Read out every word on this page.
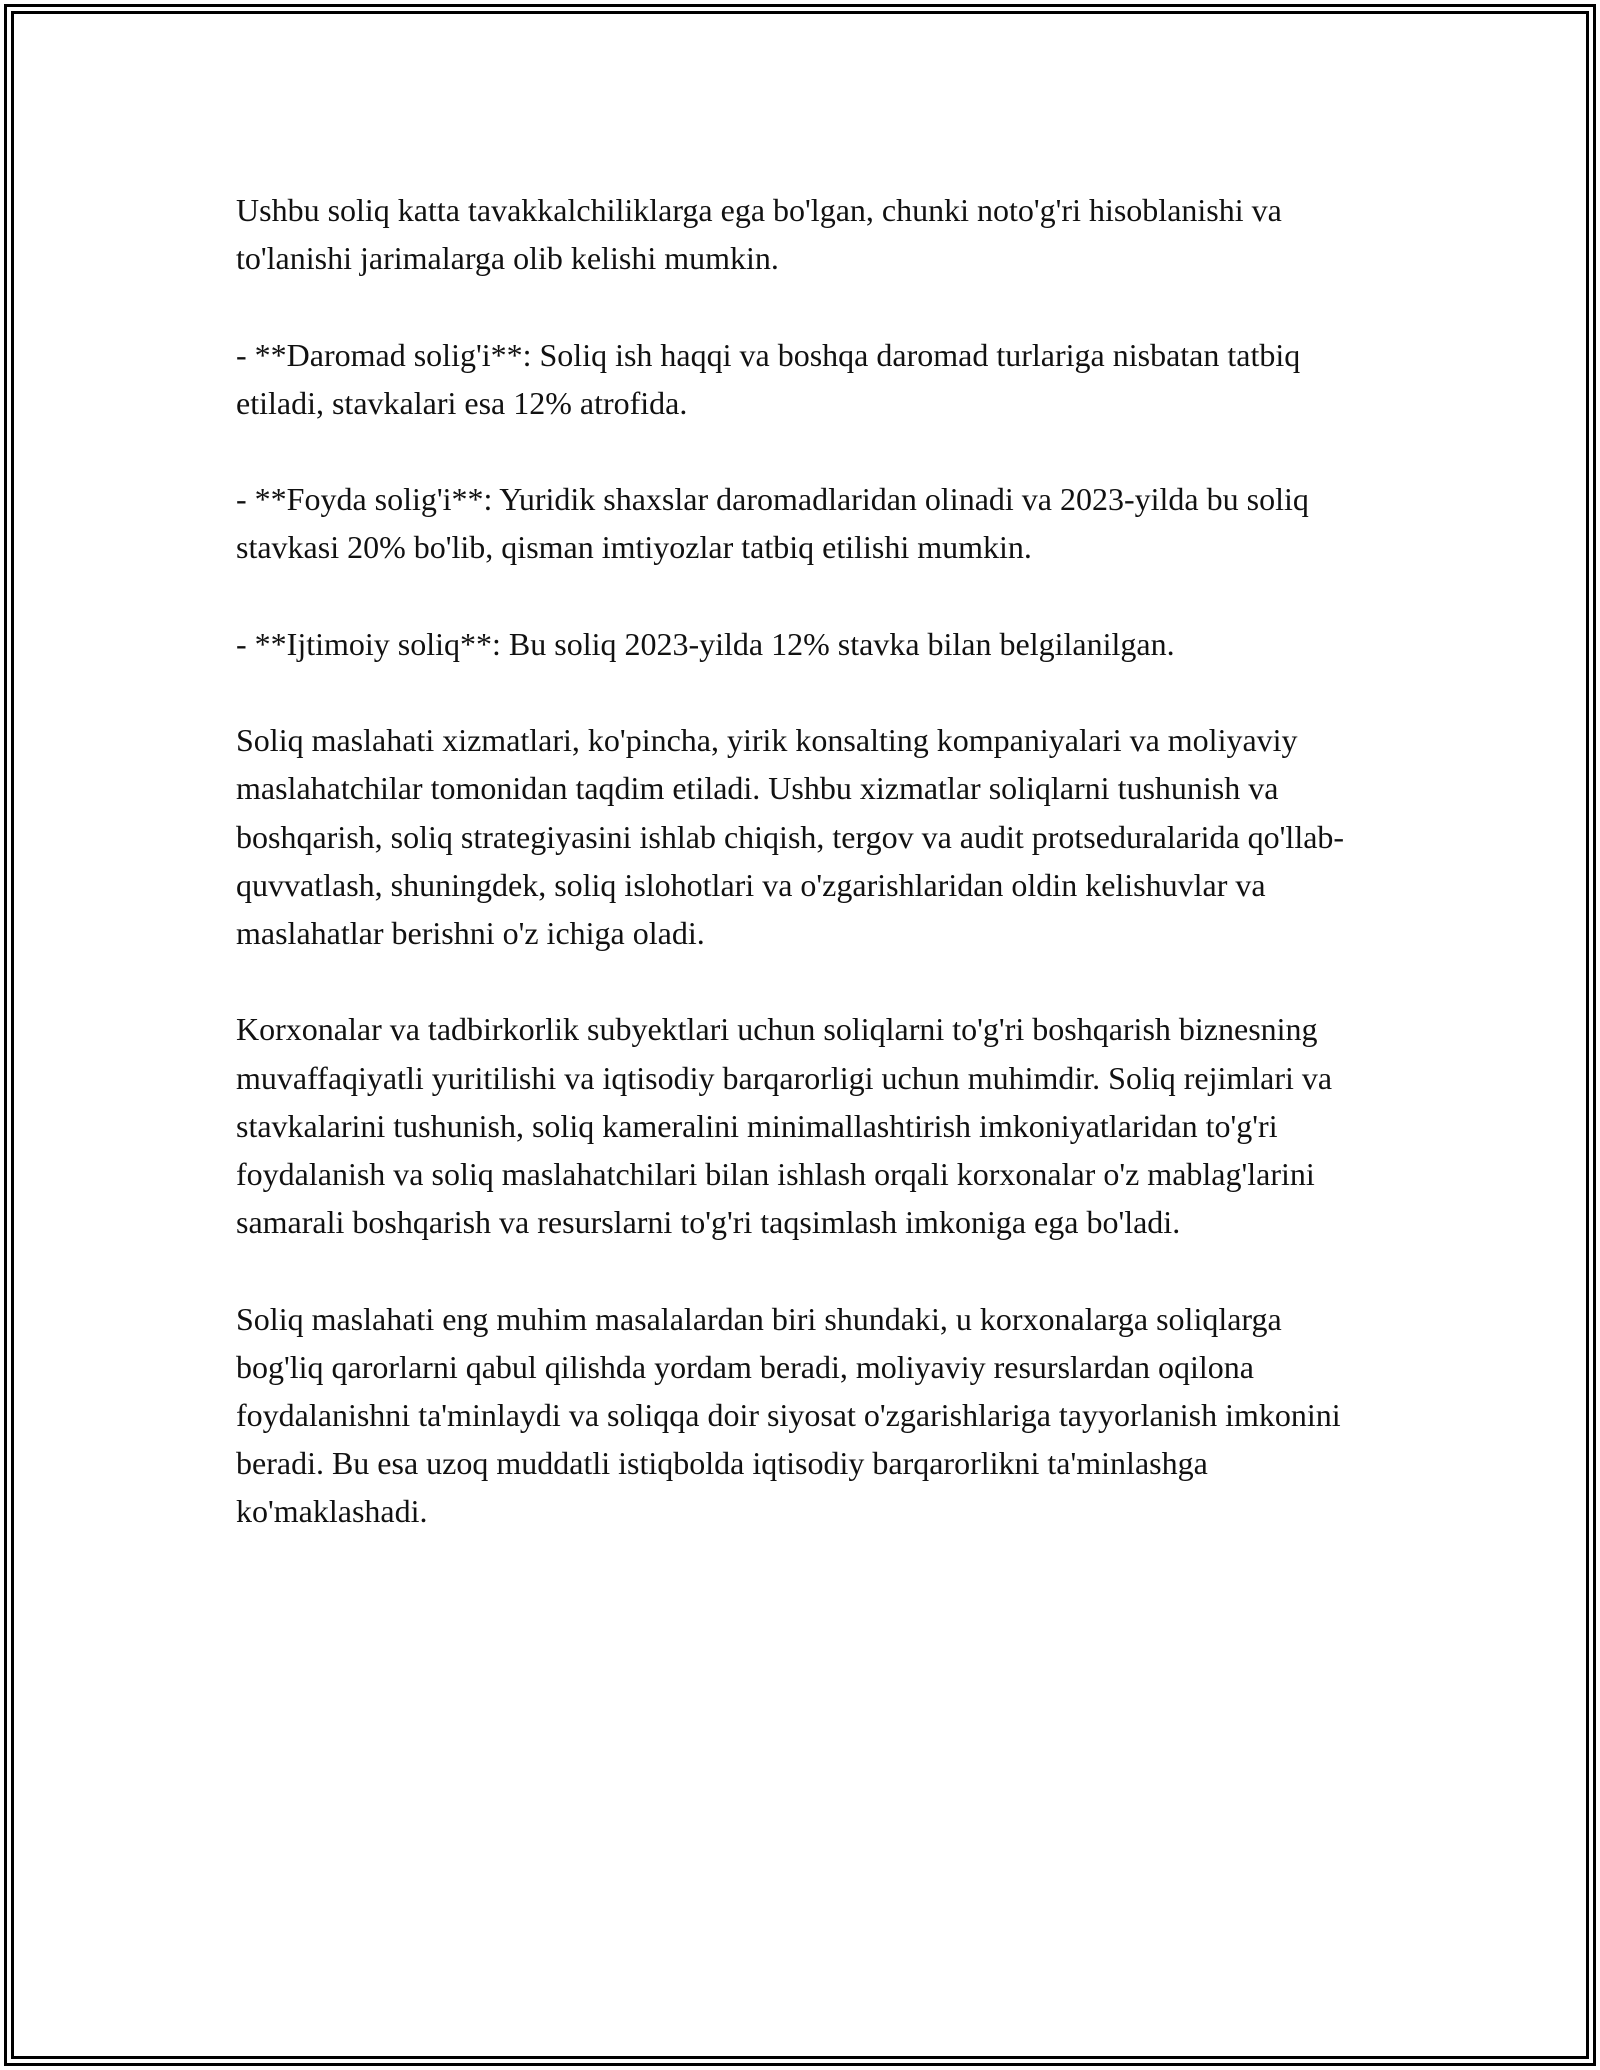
Ushbu soliq katta tavakkalchiliklarga ega bo'lgan, chunki noto'g'ri hisoblanishi va to'lanishi jarimalarga olib kelishi mumkin.

- **Daromad solig'i**: Soliq ish haqqi va boshqa daromad turlariga nisbatan tatbiq etiladi, stavkalari esa 12% atrofida.

- **Foyda solig'i**: Yuridik shaxslar daromadlaridan olinadi va 2023-yilda bu soliq stavkasi 20% bo'lib, qisman imtiyozlar tatbiq etilishi mumkin.

- **Ijtimoiy soliq**: Bu soliq 2023-yilda 12% stavka bilan belgilanilgan.

Soliq maslahati xizmatlari, ko'pincha, yirik konsalting kompaniyalari va moliyaviy maslahatchilar tomonidan taqdim etiladi. Ushbu xizmatlar soliqlarni tushunish va boshqarish, soliq strategiyasini ishlab chiqish, tergov va audit protseduralarida qo'llab-quvvatlash, shuningdek, soliq islohotlari va o'zgarishlaridan oldin kelishuvlar va maslahatlar berishni o'z ichiga oladi.

Korxonalar va tadbirkorlik subyektlari uchun soliqlarni to'g'ri boshqarish biznesning muvaffaqiyatli yuritilishi va iqtisodiy barqarorligi uchun muhimdir. Soliq rejimlari va stavkalarini tushunish, soliq kameralini minimallashtirish imkoniyatlaridan to'g'ri foydalanish va soliq maslahatchilari bilan ishlash orqali korxonalar o'z mablag'larini samarali boshqarish va resurslarni to'g'ri taqsimlash imkoniga ega bo'ladi.

Soliq maslahati eng muhim masalalardan biri shundaki, u korxonalarga soliqlarga bog'liq qarorlarni qabul qilishda yordam beradi, moliyaviy resurslardan oqilona foydalanishni ta'minlaydi va soliqqa doir siyosat o'zgarishlariga tayyorlanish imkonini beradi. Bu esa uzoq muddatli istiqbolda iqtisodiy barqarorlikni ta'minlashga ko'maklashadi.
